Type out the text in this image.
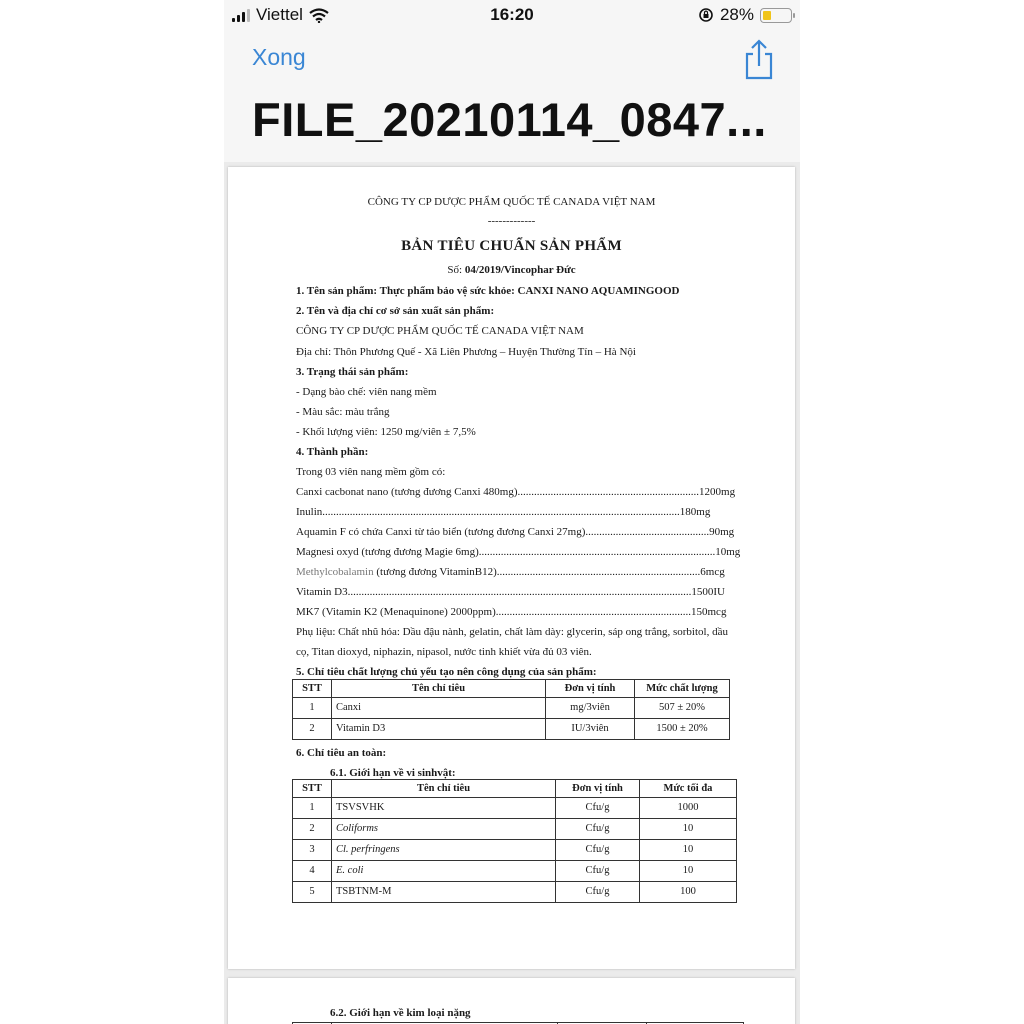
Viettel	16:20	28%
Xong
FILE_20210114_0847...
CÔNG TY CP DƯỢC PHẨM QUỐC TẾ CANADA VIỆT NAM
-------------
BẢN TIÊU CHUẨN SẢN PHẨM
Số: 04/2019/Vincophar Đức
1. Tên sản phẩm: Thực phẩm bảo vệ sức khỏe: CANXI NANO AQUAMINGOOD
2. Tên và địa chỉ cơ sở sản xuất sản phẩm:
CÔNG TY CP DƯỢC PHẨM QUỐC TẾ CANADA VIỆT NAM
Địa chỉ: Thôn Phương Quế - Xã Liên Phương – Huyện Thường Tín – Hà Nội
3. Trạng thái sản phẩm:
- Dạng bào chế: viên nang mềm
- Màu sắc: màu trắng
- Khối lượng viên: 1250 mg/viên ± 7,5%
4. Thành phần:
Trong 03 viên nang mềm gồm có:
Canxi cacbonat nano (tương đương Canxi 480mg)..................................................................1200mg
Inulin..................................................................................................................................180mg
Aquamin F có chứa Canxi từ tảo biển (tương đương Canxi 27mg).............................................90mg
Magnesi oxyd (tương đương Magie 6mg)......................................................................................10mg
Methylcobalamin (tương đương VitaminB12)..........................................................................6mcg
Vitamin D3.............................................................................................................................1500IU
MK7 (Vitamin K2 (Menaquinone) 2000ppm).......................................................................150mcg
Phụ liệu: Chất nhũ hóa: Dầu đậu nành, gelatin, chất làm dày: glycerin, sáp ong trắng, sorbitol, dầu
cọ, Titan dioxyd, niphazin, nipasol, nước tinh khiết vừa đủ 03 viên.
5. Chỉ tiêu chất lượng chủ yếu tạo nên công dụng của sản phẩm:
STT	Tên chỉ tiêu	Đơn vị tính	Mức chất lượng
1	Canxi	mg/3viên	507 ± 20%
2	Vitamin D3	IU/3viên	1500 ± 20%
6. Chỉ tiêu an toàn:
6.1. Giới hạn về vi sinhvật:
STT	Tên chỉ tiêu	Đơn vị tính	Mức tối đa
1	TSVSVHK	Cfu/g	1000
2	Coliforms	Cfu/g	10
3	Cl. perfringens	Cfu/g	10
4	E. coli	Cfu/g	10
5	TSBTNM-M	Cfu/g	100
6.2. Giới hạn về kim loại nặng
